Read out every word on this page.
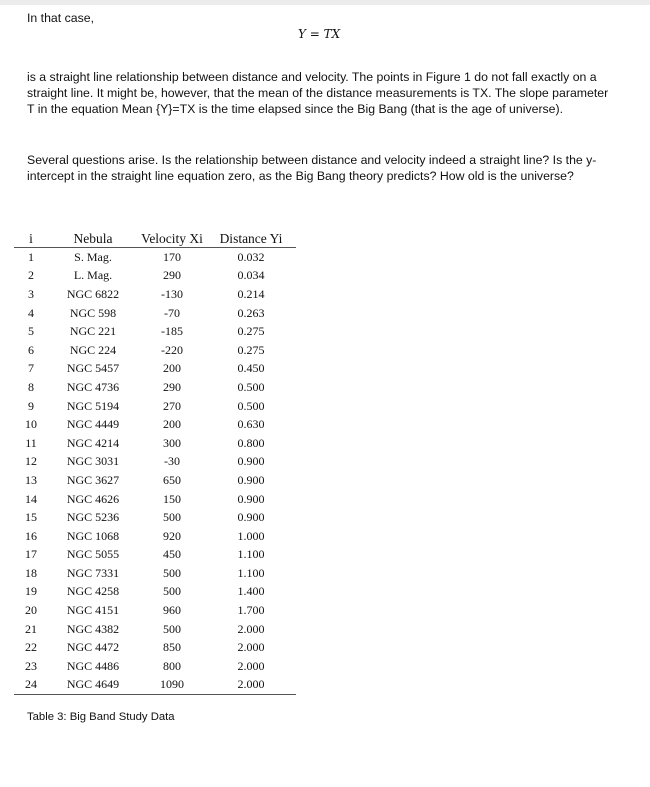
In that case,
Y = TX
is a straight line relationship between distance and velocity. The points in Figure 1 do not fall exactly on a straight line. It might be, however, that the mean of the distance measurements is TX. The slope parameter T in the equation Mean {Y}=TX is the time elapsed since the Big Bang (that is the age of universe).
Several questions arise. Is the relationship between distance and velocity indeed a straight line? Is the y-intercept in the straight line equation zero, as the Big Bang theory predicts? How old is the universe?
i	Nebula	Velocity Xi	Distance Yi
1	S. Mag.	170	0.032
2	L. Mag.	290	0.034
3	NGC 6822	-130	0.214
4	NGC 598	-70	0.263
5	NGC 221	-185	0.275
6	NGC 224	-220	0.275
7	NGC 5457	200	0.450
8	NGC 4736	290	0.500
9	NGC 5194	270	0.500
10	NGC 4449	200	0.630
11	NGC 4214	300	0.800
12	NGC 3031	-30	0.900
13	NGC 3627	650	0.900
14	NGC 4626	150	0.900
15	NGC 5236	500	0.900
16	NGC 1068	920	1.000
17	NGC 5055	450	1.100
18	NGC 7331	500	1.100
19	NGC 4258	500	1.400
20	NGC 4151	960	1.700
21	NGC 4382	500	2.000
22	NGC 4472	850	2.000
23	NGC 4486	800	2.000
24	NGC 4649	1090	2.000
Table 3: Big Band Study Data
